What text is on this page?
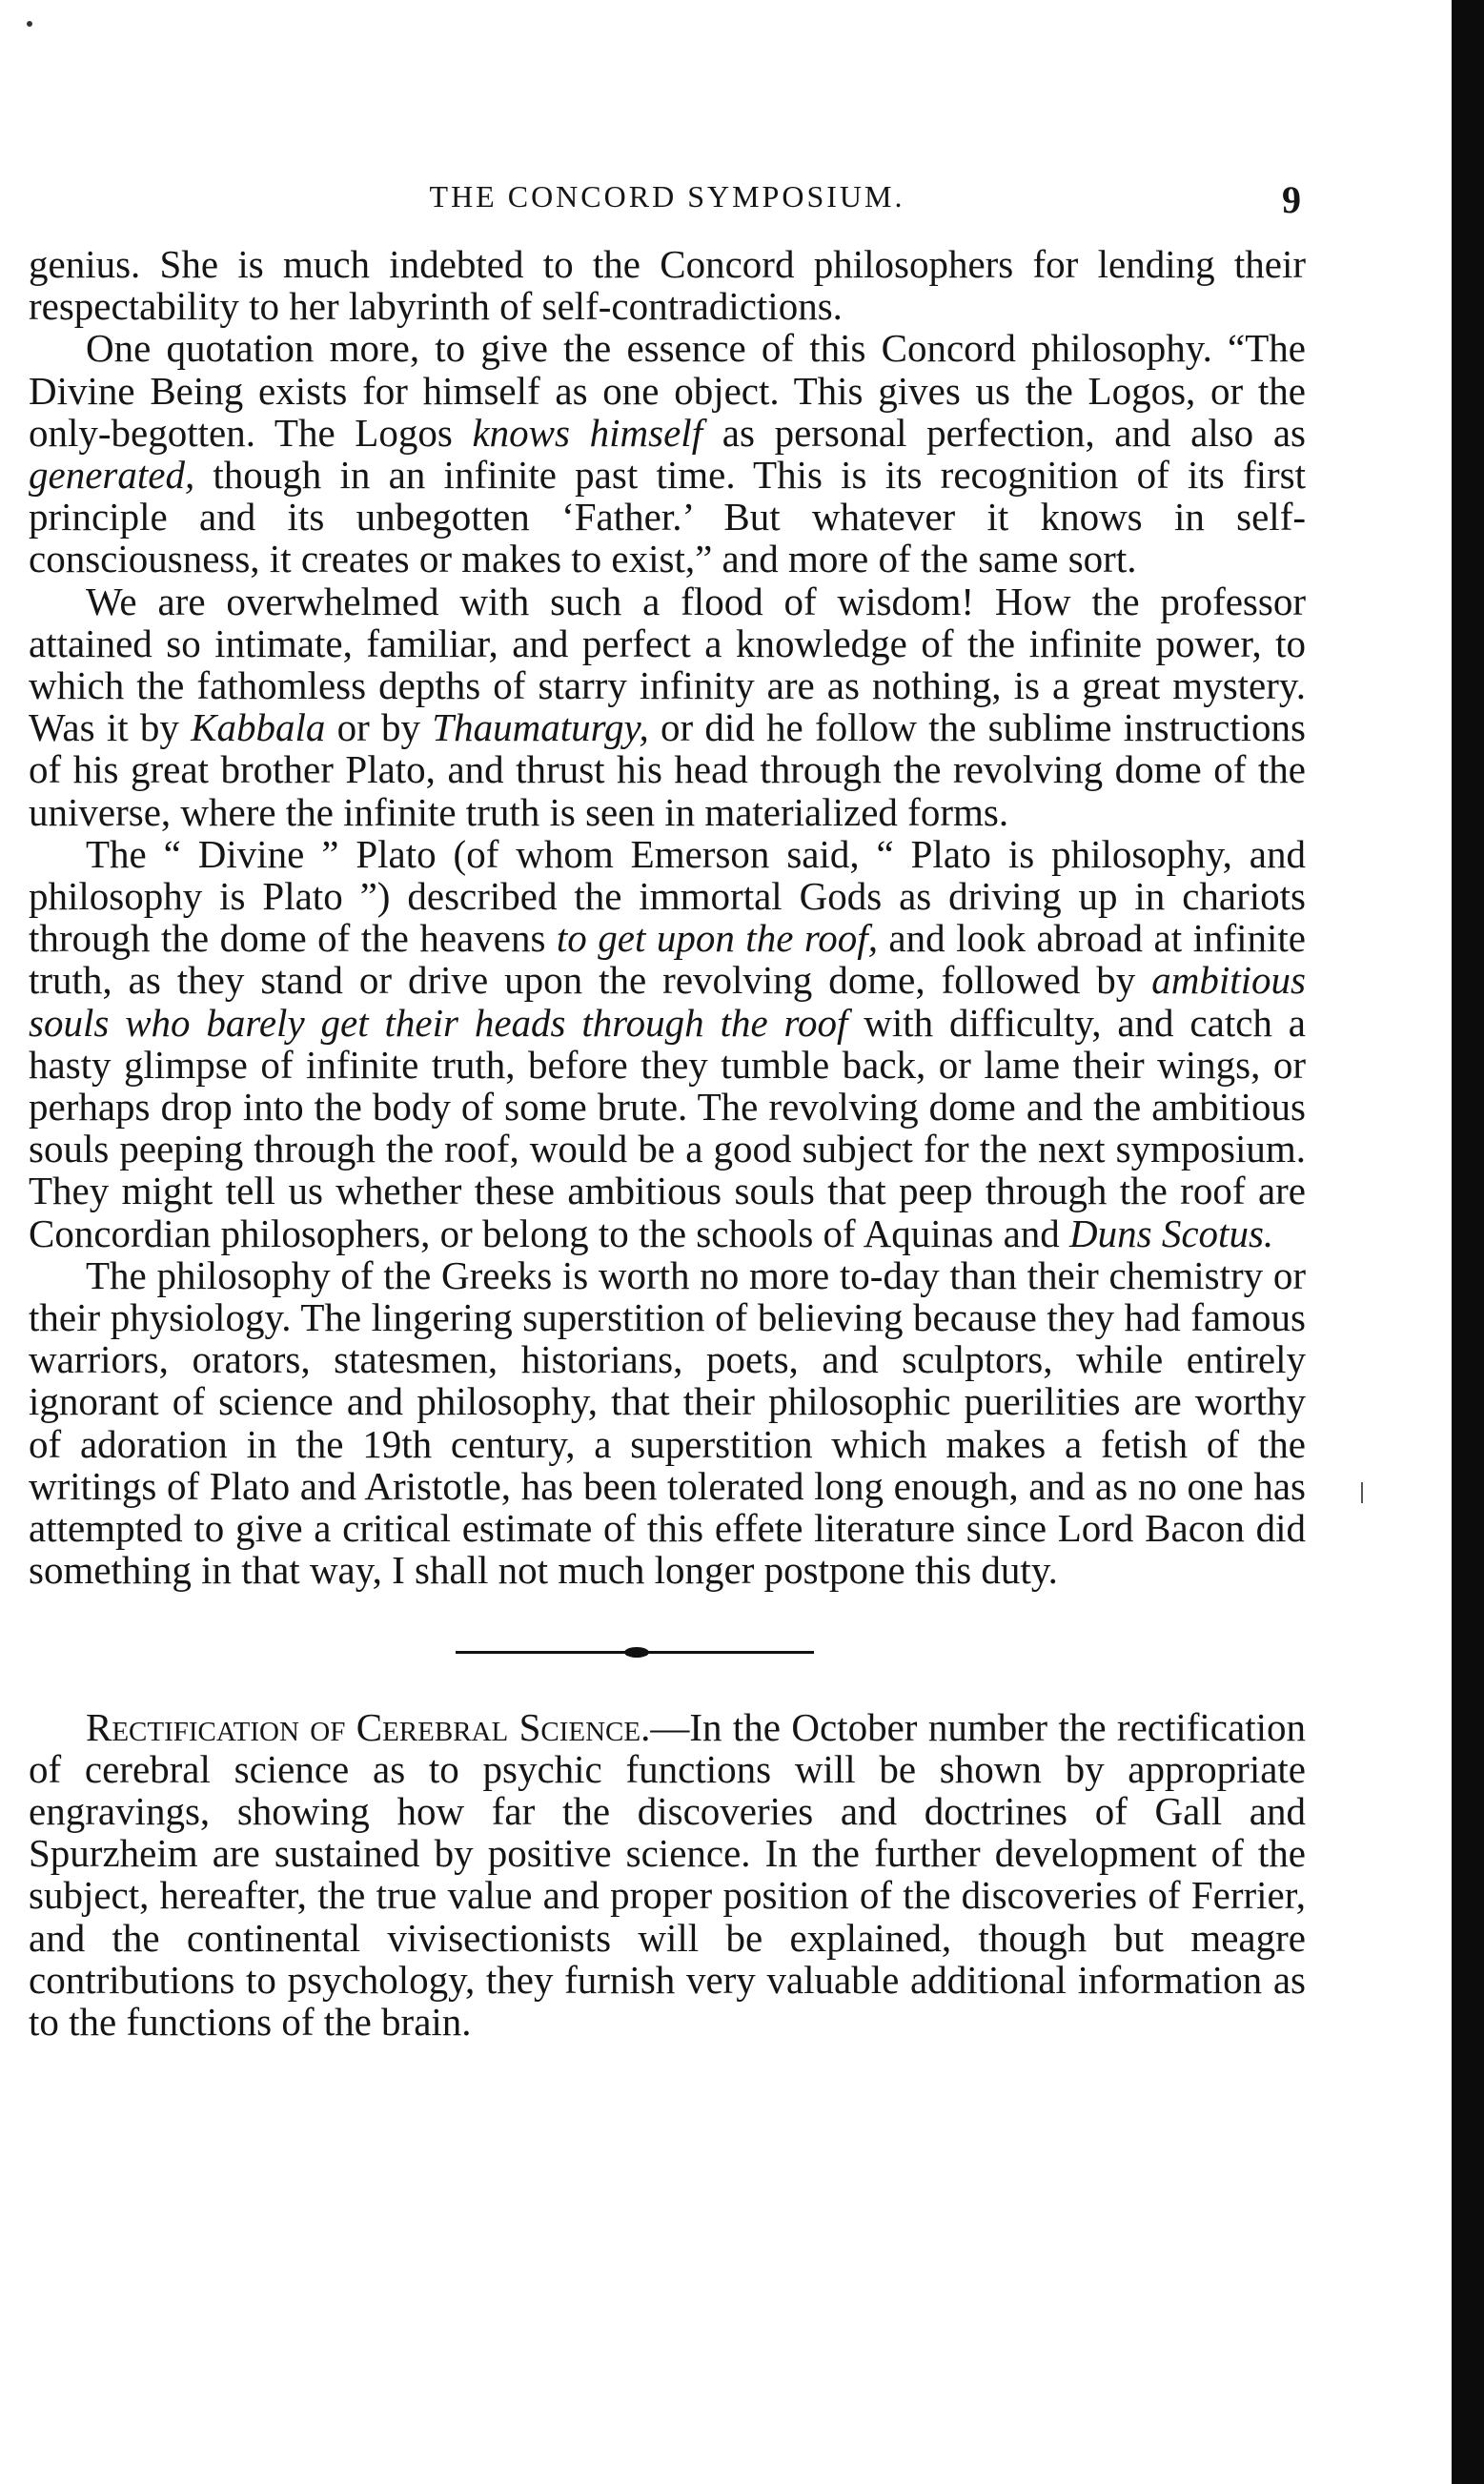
THE CONCORD SYMPOSIUM.	9

genius. She is much indebted to the Concord philosophers for lending their respectability to her labyrinth of self-contradictions.

One quotation more, to give the essence of this Concord philosophy. “The Divine Being exists for himself as one object. This gives us the Logos, or the only-begotten. The Logos knows himself as personal perfection, and also as generated, though in an infinite past time. This is its recognition of its first principle and its unbegotten ‘Father.’ But whatever it knows in self-consciousness, it creates or makes to exist,” and more of the same sort.

We are overwhelmed with such a flood of wisdom! How the professor attained so intimate, familiar, and perfect a knowledge of the infinite power, to which the fathomless depths of starry infinity are as nothing, is a great mystery. Was it by Kabbala or by Thaumaturgy, or did he follow the sublime instructions of his great brother Plato, and thrust his head through the revolving dome of the universe, where the infinite truth is seen in materialized forms.

The “ Divine ” Plato (of whom Emerson said, “ Plato is philosophy, and philosophy is Plato ”) described the immortal Gods as driving up in chariots through the dome of the heavens to get upon the roof, and look abroad at infinite truth, as they stand or drive upon the revolving dome, followed by ambitious souls who barely get their heads through the roof with difficulty, and catch a hasty glimpse of infinite truth, before they tumble back, or lame their wings, or perhaps drop into the body of some brute. The revolving dome and the ambitious souls peeping through the roof, would be a good subject for the next symposium. They might tell us whether these ambitious souls that peep through the roof are Concordian philosophers, or belong to the schools of Aquinas and Duns Scotus.

The philosophy of the Greeks is worth no more to-day than their chemistry or their physiology. The lingering superstition of believing because they had famous warriors, orators, statesmen, historians, poets, and sculptors, while entirely ignorant of science and philosophy, that their philosophic puerilities are worthy of adoration in the 19th century, a superstition which makes a fetish of the writings of Plato and Aristotle, has been tolerated long enough, and as no one has attempted to give a critical estimate of this effete literature since Lord Bacon did something in that way, I shall not much longer postpone this duty.

Rectification of Cerebral Science.—In the October number the rectification of cerebral science as to psychic functions will be shown by appropriate engravings, showing how far the discoveries and doctrines of Gall and Spurzheim are sustained by positive science. In the further development of the subject, hereafter, the true value and proper position of the discoveries of Ferrier, and the continental vivisectionists will be explained, though but meagre contributions to psychology, they furnish very valuable additional information as to the functions of the brain.
